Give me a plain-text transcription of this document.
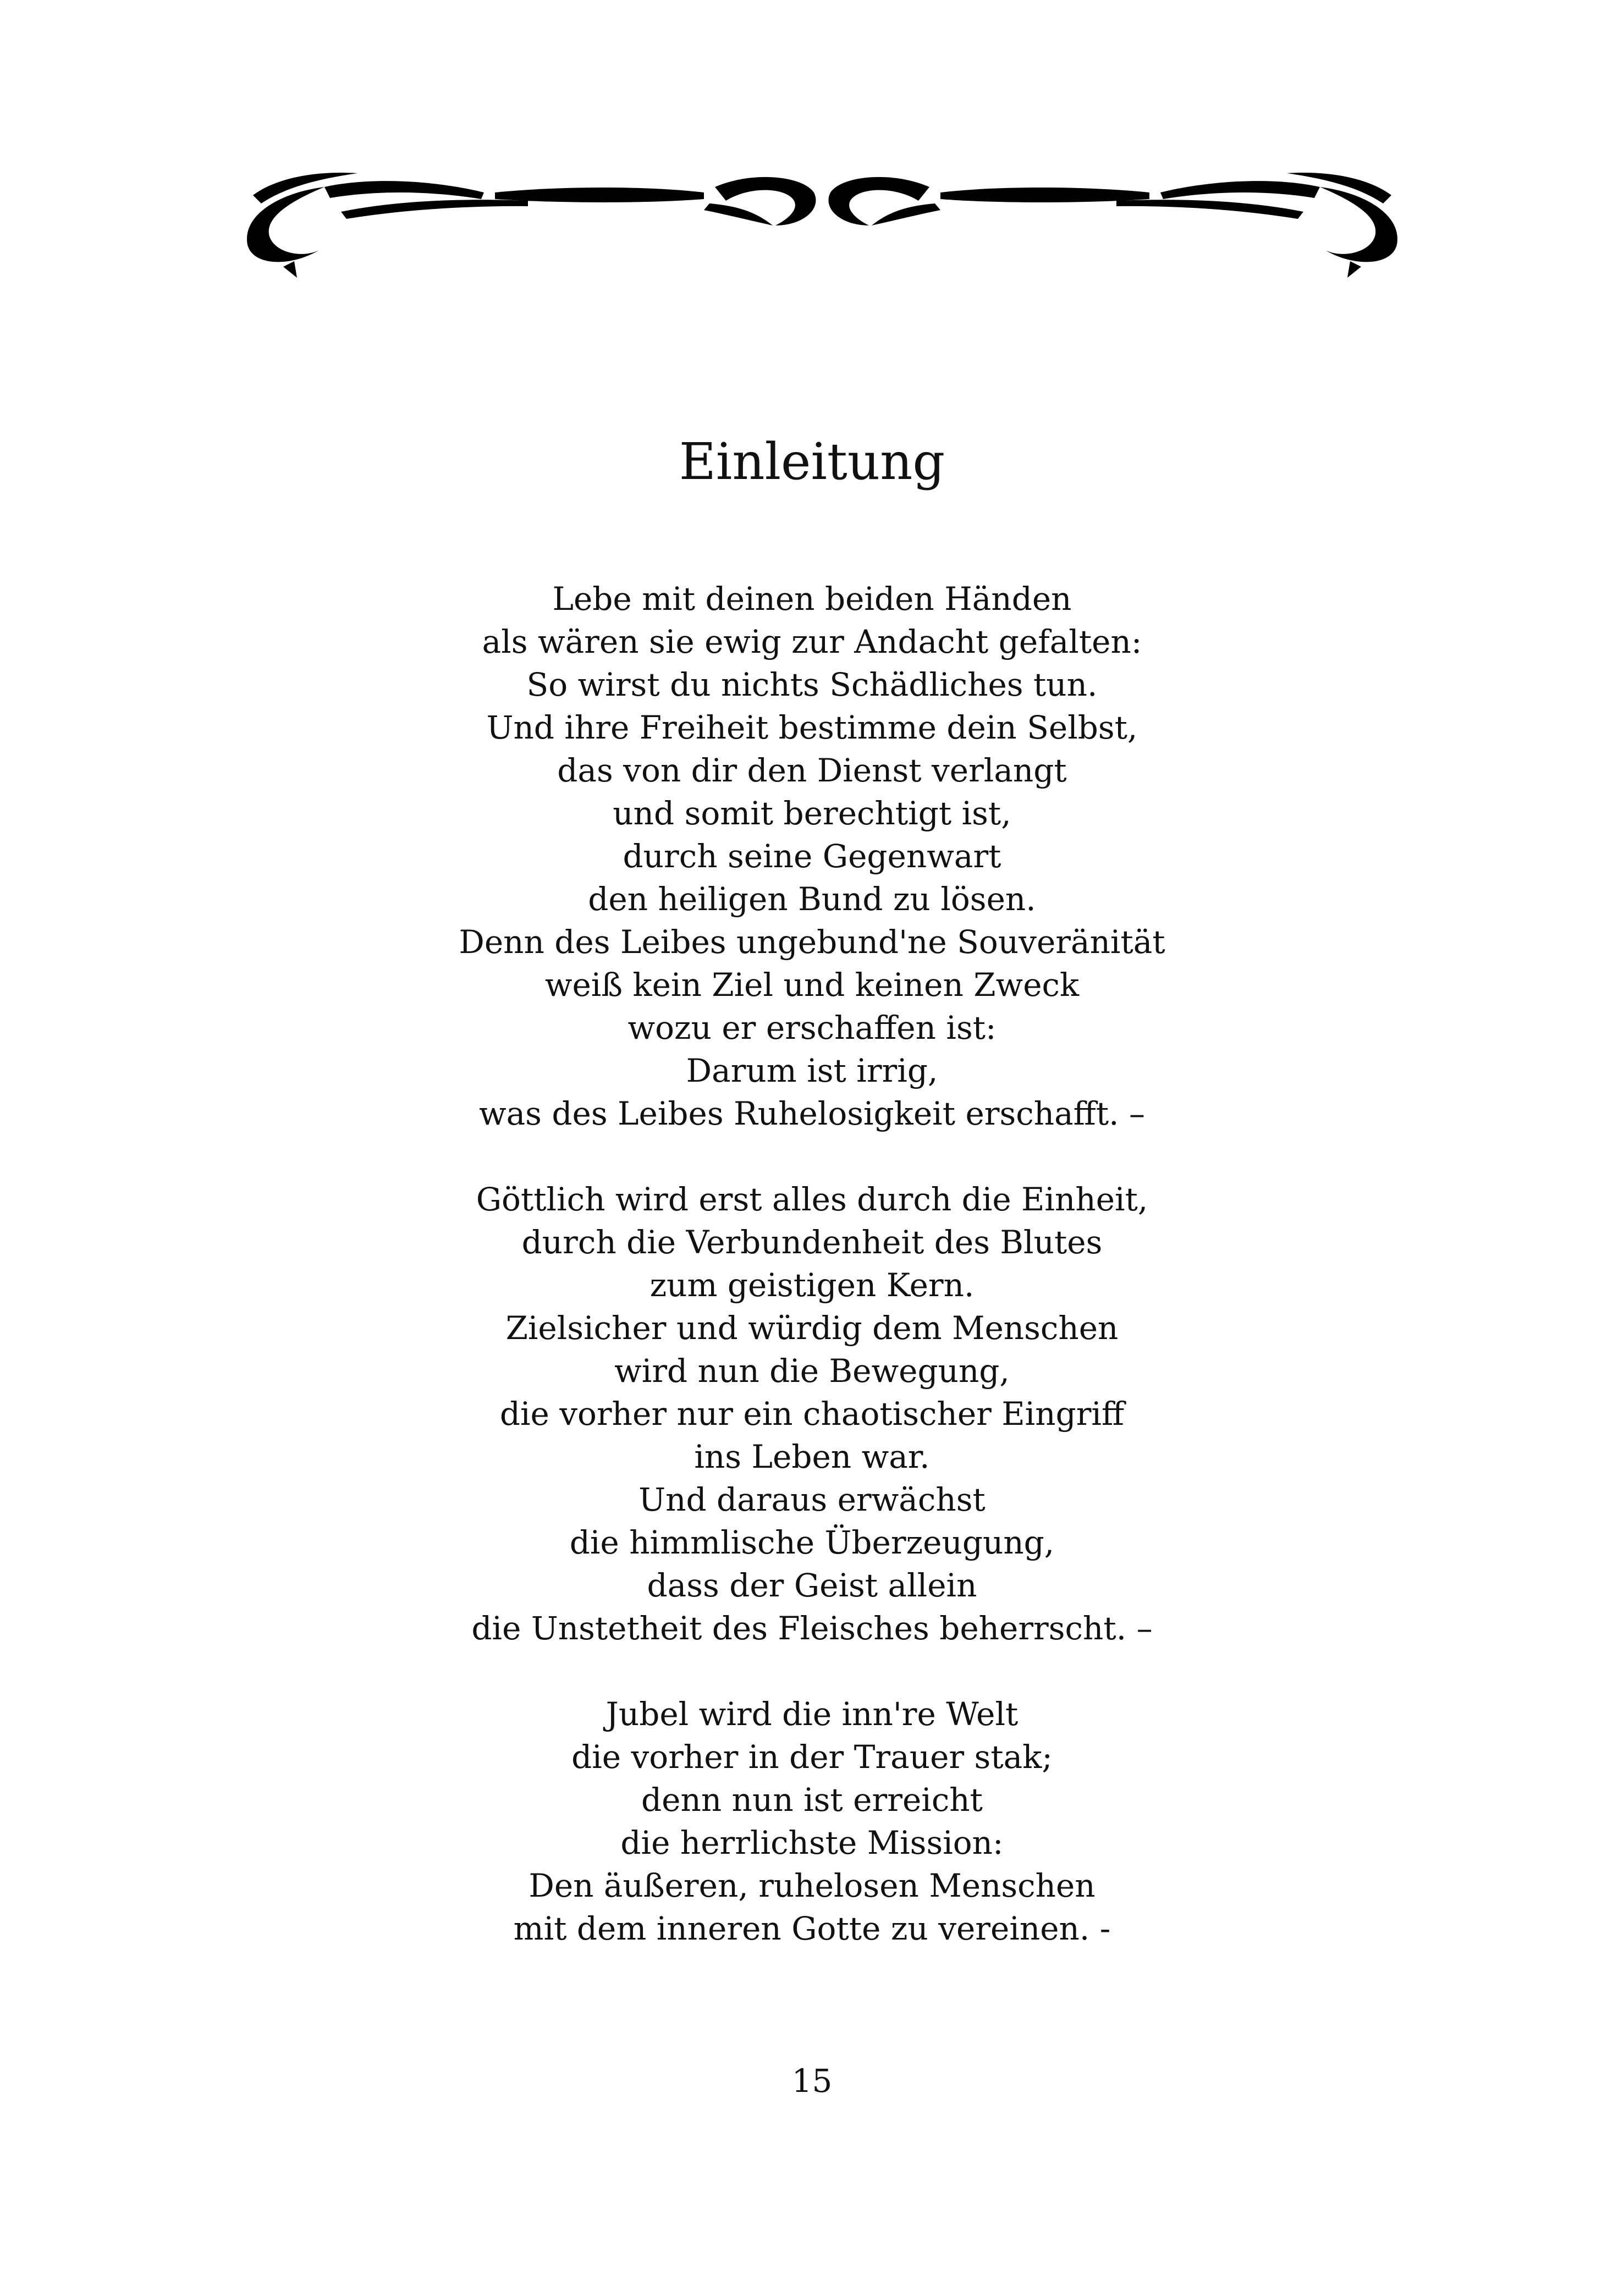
Einleitung
Lebe mit deinen beiden Händen
als wären sie ewig zur Andacht gefalten:
So wirst du nichts Schädliches tun.
Und ihre Freiheit bestimme dein Selbst,
das von dir den Dienst verlangt
und somit berechtigt ist,
durch seine Gegenwart
den heiligen Bund zu lösen.
Denn des Leibes ungebund'ne Souveränität
weiß kein Ziel und keinen Zweck
wozu er erschaffen ist:
Darum ist irrig,
was des Leibes Ruhelosigkeit erschafft. –
Göttlich wird erst alles durch die Einheit,
durch die Verbundenheit des Blutes
zum geistigen Kern.
Zielsicher und würdig dem Menschen
wird nun die Bewegung,
die vorher nur ein chaotischer Eingriff
ins Leben war.
Und daraus erwächst
die himmlische Überzeugung,
dass der Geist allein
die Unstetheit des Fleisches beherrscht. –
Jubel wird die inn're Welt
die vorher in der Trauer stak;
denn nun ist erreicht
die herrlichste Mission:
Den äußeren, ruhelosen Menschen
mit dem inneren Gotte zu vereinen. -
15
